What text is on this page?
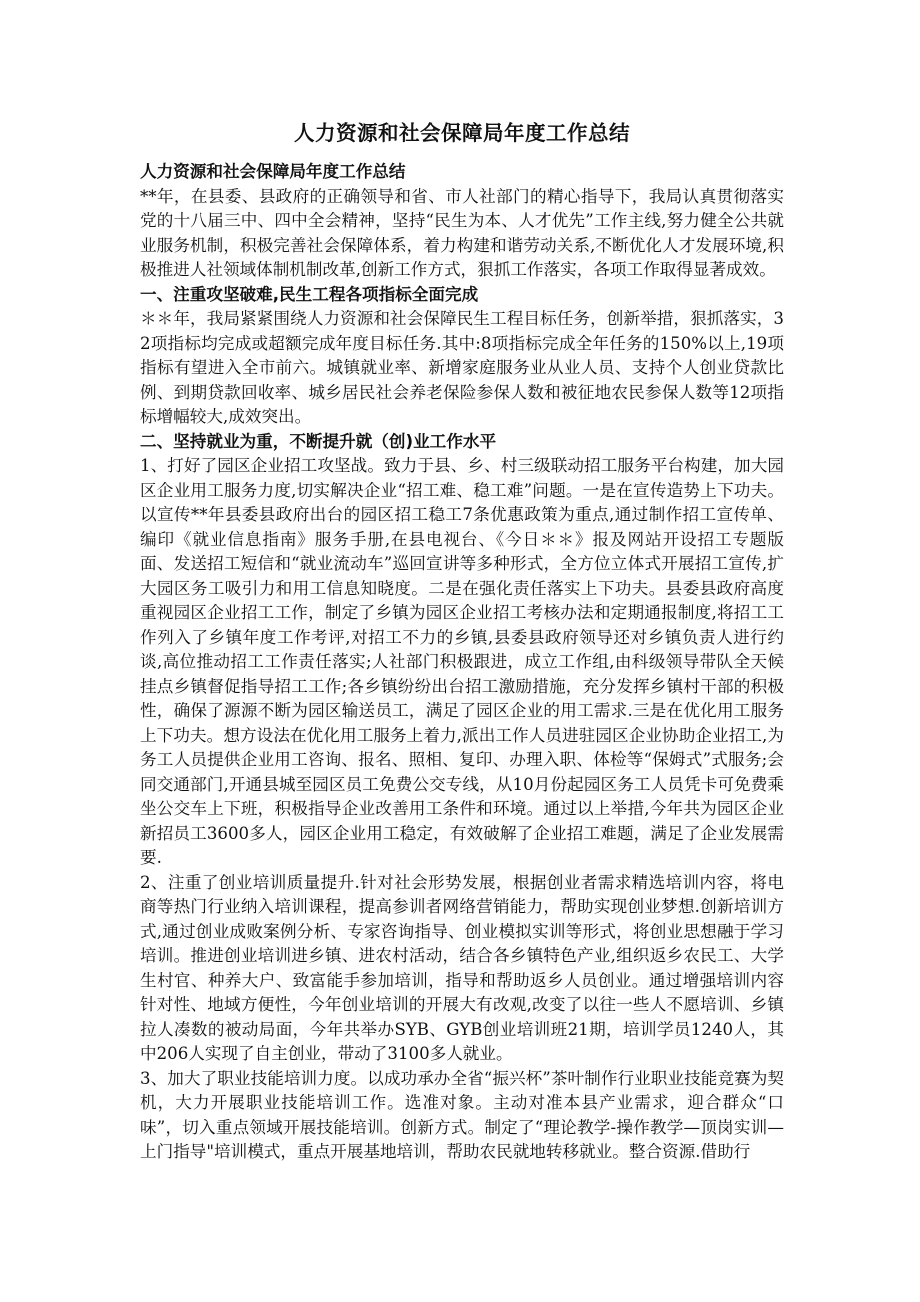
人力资源和社会保障局年度工作总结

人力资源和社会保障局年度工作总结

**年，在县委、县政府的正确领导和省、市人社部门的精心指导下，我局认真贯彻落实党的十八届三中、四中全会精神，坚持“民生为本、人才优先”工作主线,努力健全公共就业服务机制，积极完善社会保障体系，着力构建和谐劳动关系,不断优化人才发展环境,积极推进人社领域体制机制改革,创新工作方式，狠抓工作落实，各项工作取得显著成效。

一、注重攻坚破难,民生工程各项指标全面完成

＊＊年，我局紧紧围绕人力资源和社会保障民生工程目标任务，创新举措，狠抓落实，32项指标均完成或超额完成年度目标任务.其中:8项指标完成全年任务的150%以上,19项指标有望进入全市前六。城镇就业率、新增家庭服务业从业人员、支持个人创业贷款比例、到期贷款回收率、城乡居民社会养老保险参保人数和被征地农民参保人数等12项指标增幅较大,成效突出。

二、坚持就业为重，不断提升就（创)业工作水平

1、打好了园区企业招工攻坚战。致力于县、乡、村三级联动招工服务平台构建，加大园区企业用工服务力度,切实解决企业“招工难、稳工难”问题。一是在宣传造势上下功夫。以宣传**年县委县政府出台的园区招工稳工7条优惠政策为重点,通过制作招工宣传单、编印《就业信息指南》服务手册,在县电视台、《今日＊＊》报及网站开设招工专题版面、发送招工短信和“就业流动车”巡回宣讲等多种形式，全方位立体式开展招工宣传,扩大园区务工吸引力和用工信息知晓度。二是在强化责任落实上下功夫。县委县政府高度重视园区企业招工工作，制定了乡镇为园区企业招工考核办法和定期通报制度,将招工工作列入了乡镇年度工作考评,对招工不力的乡镇,县委县政府领导还对乡镇负责人进行约谈,高位推动招工工作责任落实;人社部门积极跟进，成立工作组,由科级领导带队全天候挂点乡镇督促指导招工工作;各乡镇纷纷出台招工激励措施，充分发挥乡镇村干部的积极性，确保了源源不断为园区输送员工，满足了园区企业的用工需求.三是在优化用工服务上下功夫。想方设法在优化用工服务上着力,派出工作人员进驻园区企业协助企业招工,为务工人员提供企业用工咨询、报名、照相、复印、办理入职、体检等“保姆式”式服务;会同交通部门,开通县城至园区员工免费公交专线，从10月份起园区务工人员凭卡可免费乘坐公交车上下班，积极指导企业改善用工条件和环境。通过以上举措,今年共为园区企业新招员工3600多人，园区企业用工稳定，有效破解了企业招工难题，满足了企业发展需要.

2、注重了创业培训质量提升.针对社会形势发展，根据创业者需求精选培训内容，将电商等热门行业纳入培训课程，提高参训者网络营销能力，帮助实现创业梦想.创新培训方式,通过创业成败案例分析、专家咨询指导、创业模拟实训等形式，将创业思想融于学习培训。推进创业培训进乡镇、进农村活动，结合各乡镇特色产业,组织返乡农民工、大学生村官、种养大户、致富能手参加培训，指导和帮助返乡人员创业。通过增强培训内容针对性、地域方便性，今年创业培训的开展大有改观,改变了以往一些人不愿培训、乡镇拉人凑数的被动局面，今年共举办SYB、GYB创业培训班21期，培训学员1240人，其中206人实现了自主创业，带动了3100多人就业。

3、加大了职业技能培训力度。以成功承办全省“振兴杯”茶叶制作行业职业技能竞赛为契机，大力开展职业技能培训工作。选准对象。主动对准本县产业需求，迎合群众“口味”，切入重点领域开展技能培训。创新方式。制定了“理论教学-操作教学—顶岗实训—上门指导"培训模式，重点开展基地培训，帮助农民就地转移就业。整合资源.借助行
